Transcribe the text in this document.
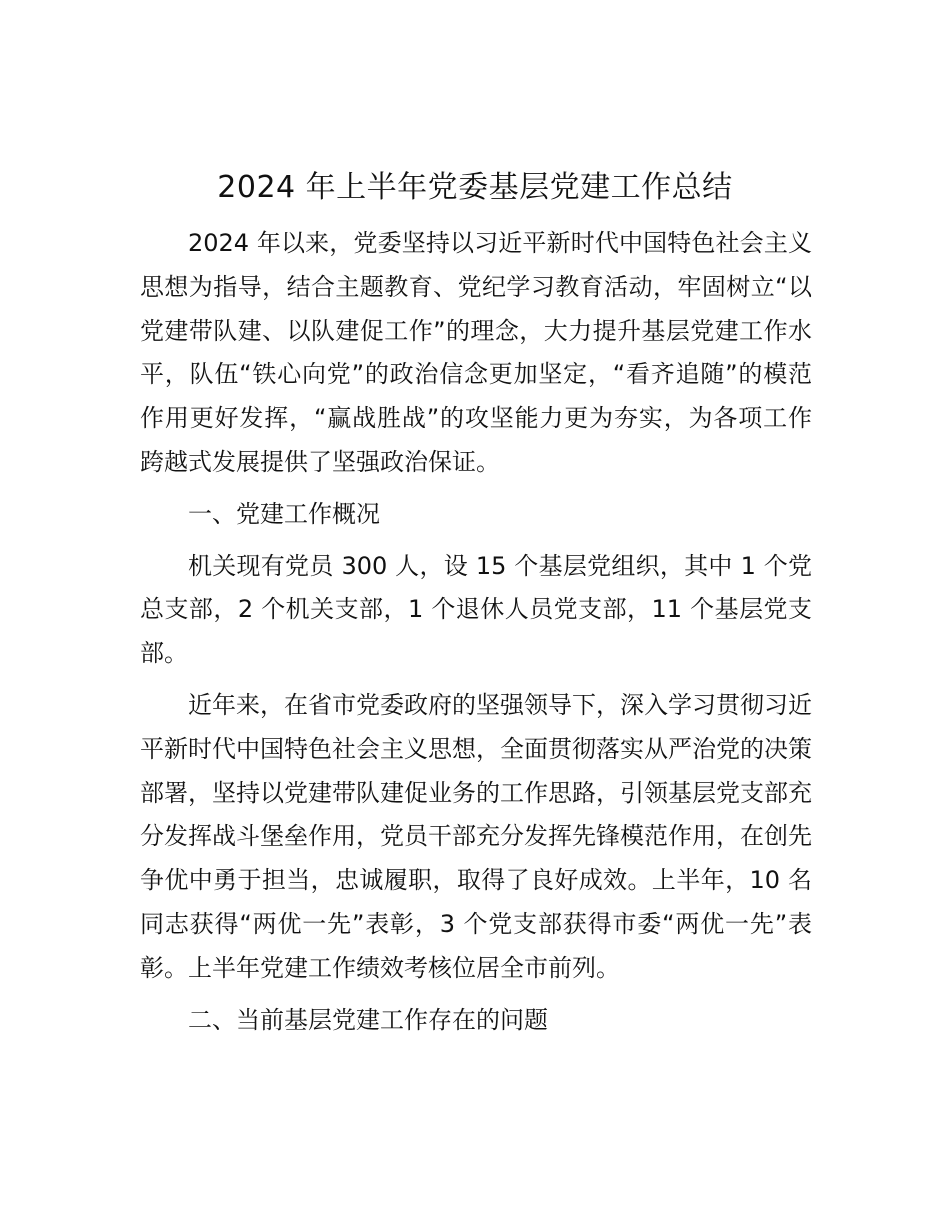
2024 年上半年党委基层党建工作总结

2024 年以来，党委坚持以习近平新时代中国特色社会主义思想为指导，结合主题教育、党纪学习教育活动，牢固树立“以党建带队建、以队建促工作”的理念，大力提升基层党建工作水平，队伍“铁心向党”的政治信念更加坚定，“看齐追随”的模范作用更好发挥，“赢战胜战”的攻坚能力更为夯实，为各项工作跨越式发展提供了坚强政治保证。

一、党建工作概况

机关现有党员 300 人，设 15 个基层党组织，其中 1 个党总支部，2 个机关支部，1 个退休人员党支部，11 个基层党支部。

近年来，在省市党委政府的坚强领导下，深入学习贯彻习近平新时代中国特色社会主义思想，全面贯彻落实从严治党的决策部署，坚持以党建带队建促业务的工作思路，引领基层党支部充分发挥战斗堡垒作用，党员干部充分发挥先锋模范作用，在创先争优中勇于担当，忠诚履职，取得了良好成效。上半年，10 名同志获得“两优一先”表彰，3 个党支部获得市委“两优一先”表彰。上半年党建工作绩效考核位居全市前列。

二、当前基层党建工作存在的问题
